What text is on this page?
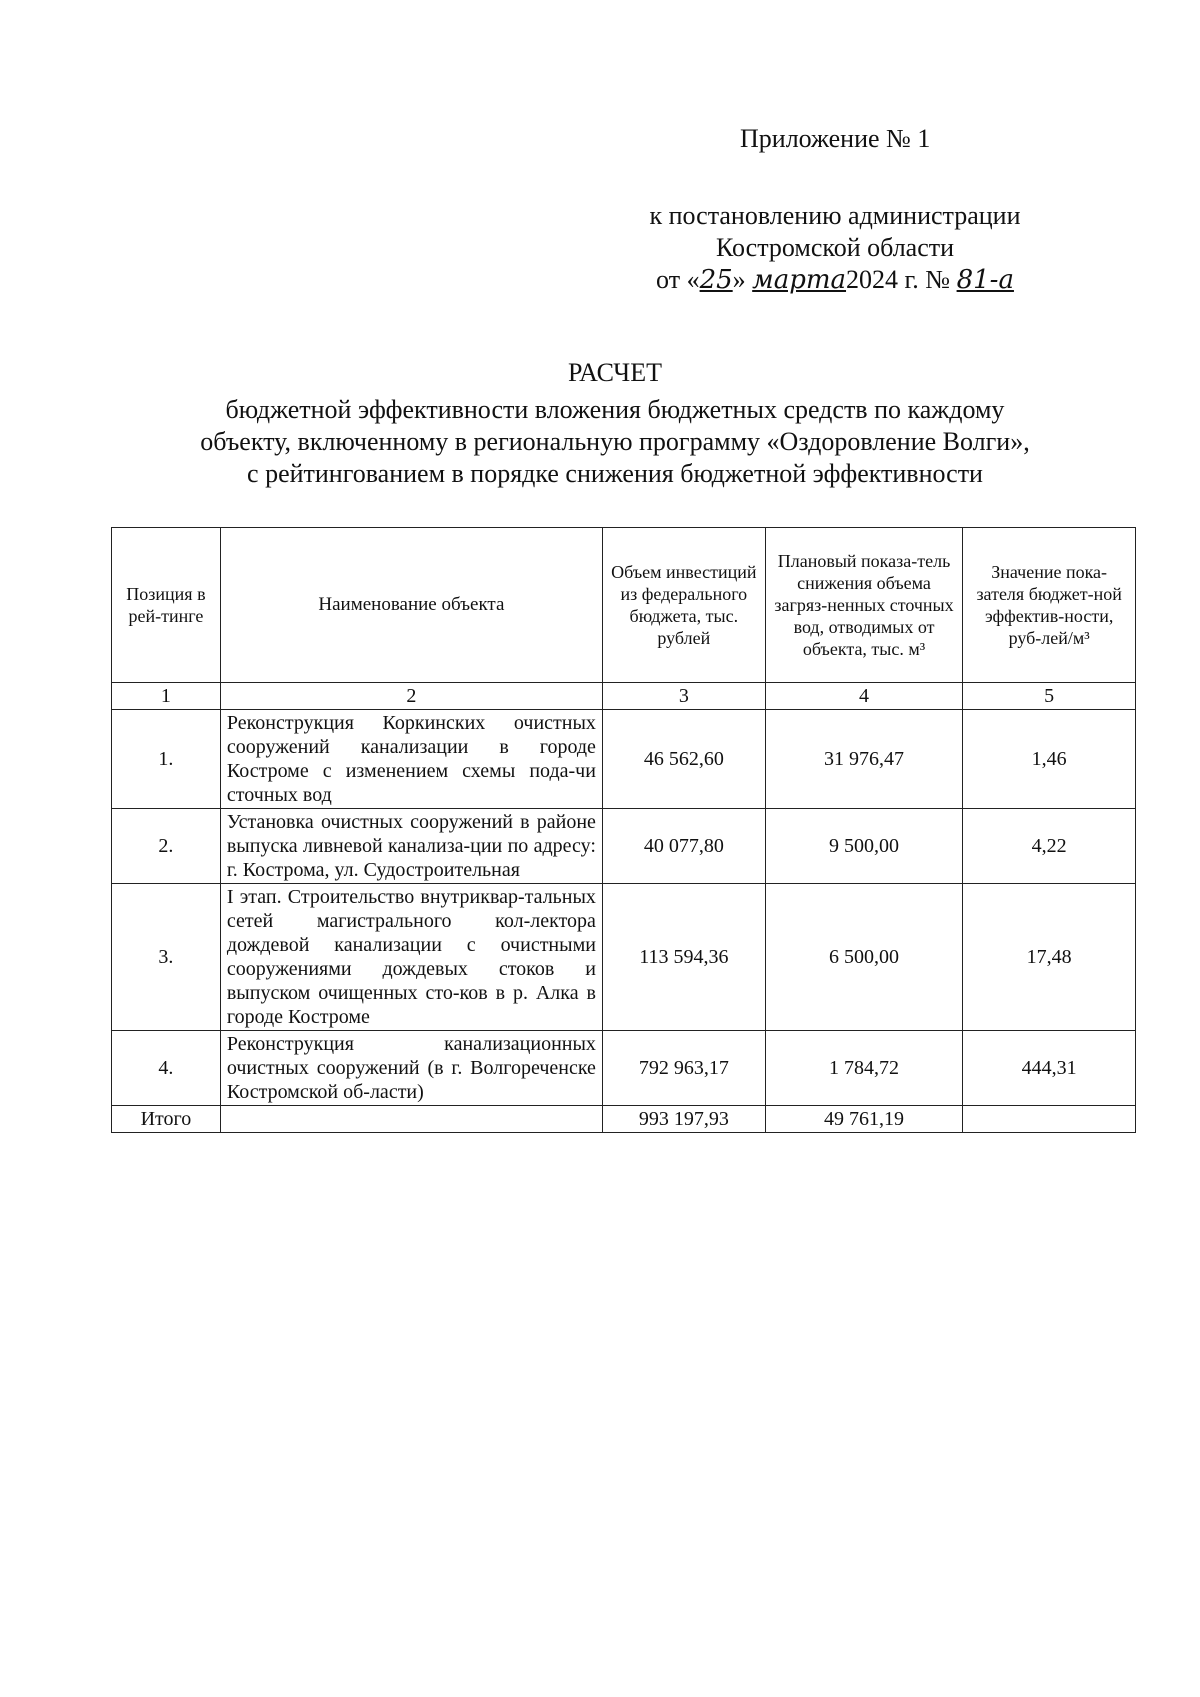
Приложение № 1
к постановлению администрации
Костромской области
от «25» марта2024 г. № 81-а
РАСЧЕТ
бюджетной эффективности вложения бюджетных средств по каждому
объекту, включенному в региональную программу «Оздоровление Волги»,
с рейтингованием в порядке снижения бюджетной эффективности
Позиция в рей-тинге	Наименование объекта	Объем инвестиций из федерального бюджета, тыс. рублей	Плановый показа-тель снижения объема загряз-ненных сточных вод, отводимых от объекта, тыс. м³	Значение пока-зателя бюджет-ной эффектив-ности, руб-лей/м³
1	2	3	4	5
1.	Реконструкция Коркинских очистных сооружений канализации в городе Костроме с изменением схемы пода-чи сточных вод	46 562,60	31 976,47	1,46
2.	Установка очистных сооружений в районе выпуска ливневой канализа-ции по адресу: г. Кострома, ул. Судостроительная	40 077,80	9 500,00	4,22
3.	I этап. Строительство внутриквар-тальных сетей магистрального кол-лектора дождевой канализации с очистными сооружениями дождевых стоков и выпуском очищенных сто-ков в р. Алка в городе Костроме	113 594,36	6 500,00	17,48
4.	Реконструкция канализационных очистных сооружений (в г. Волгореченске Костромской об-ласти)	792 963,17	1 784,72	444,31
Итого		993 197,93	49 761,19	
